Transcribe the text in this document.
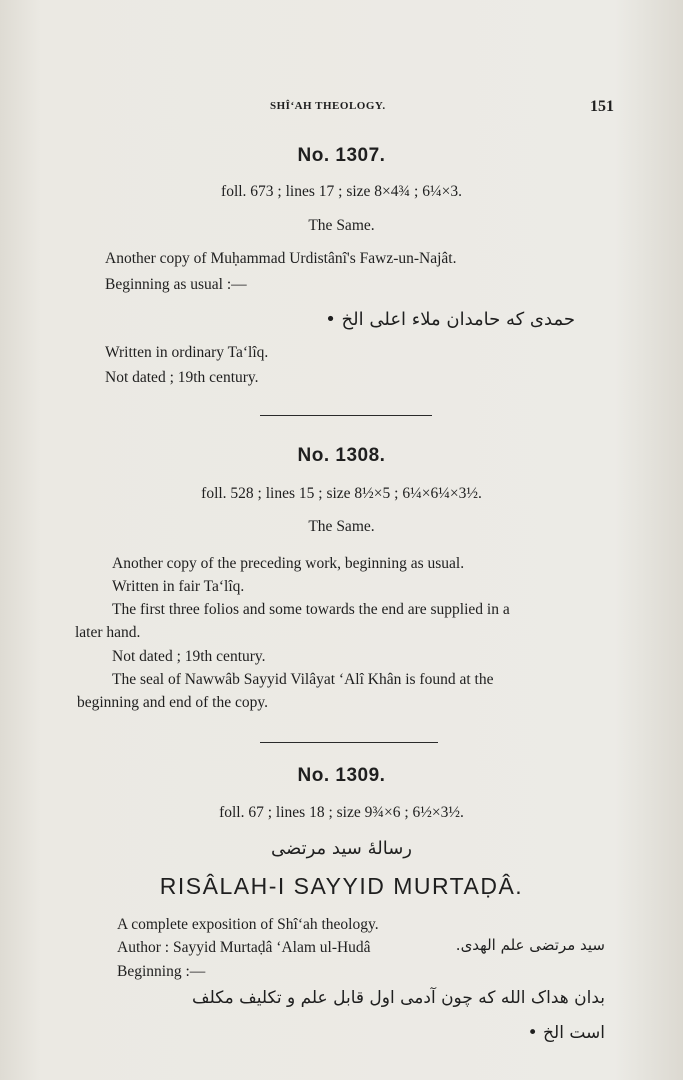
SHÎ‘AH THEOLOGY.	151
No. 1307.
foll. 673 ; lines 17 ; size 8×4¾ ; 6¼×3.
The Same.
Another copy of Muḥammad Urdistânî's Fawz-un-Najât.
Beginning as usual :—
حمدی که حامدان ملاء اعلی الخ •
Written in ordinary Ta‘lîq.
Not dated ; 19th century.
No. 1308.
foll. 528 ; lines 15 ; size 8½×5 ; 6¼×6¼×3½.
The Same.
Another copy of the preceding work, beginning as usual.
Written in fair Ta‘lîq.
The first three folios and some towards the end are supplied in a
later hand.
Not dated ; 19th century.
The seal of Nawwâb Sayyid Vilâyat ‘Alî Khân is found at the
beginning and end of the copy.
No. 1309.
foll. 67 ; lines 18 ; size 9¾×6 ; 6½×3½.
رسالهٔ سید مرتضی
RISÂLAH-I SAYYID MURTAḌÂ.
A complete exposition of Shî‘ah theology.
Author : Sayyid Murtaḍâ ‘Alam ul-Hudâ	سید مرتضی علم الهدی.
Beginning :—
بدان هداک الله که چون آدمی اول قابل علم و تکلیف مکلف
است الخ •
